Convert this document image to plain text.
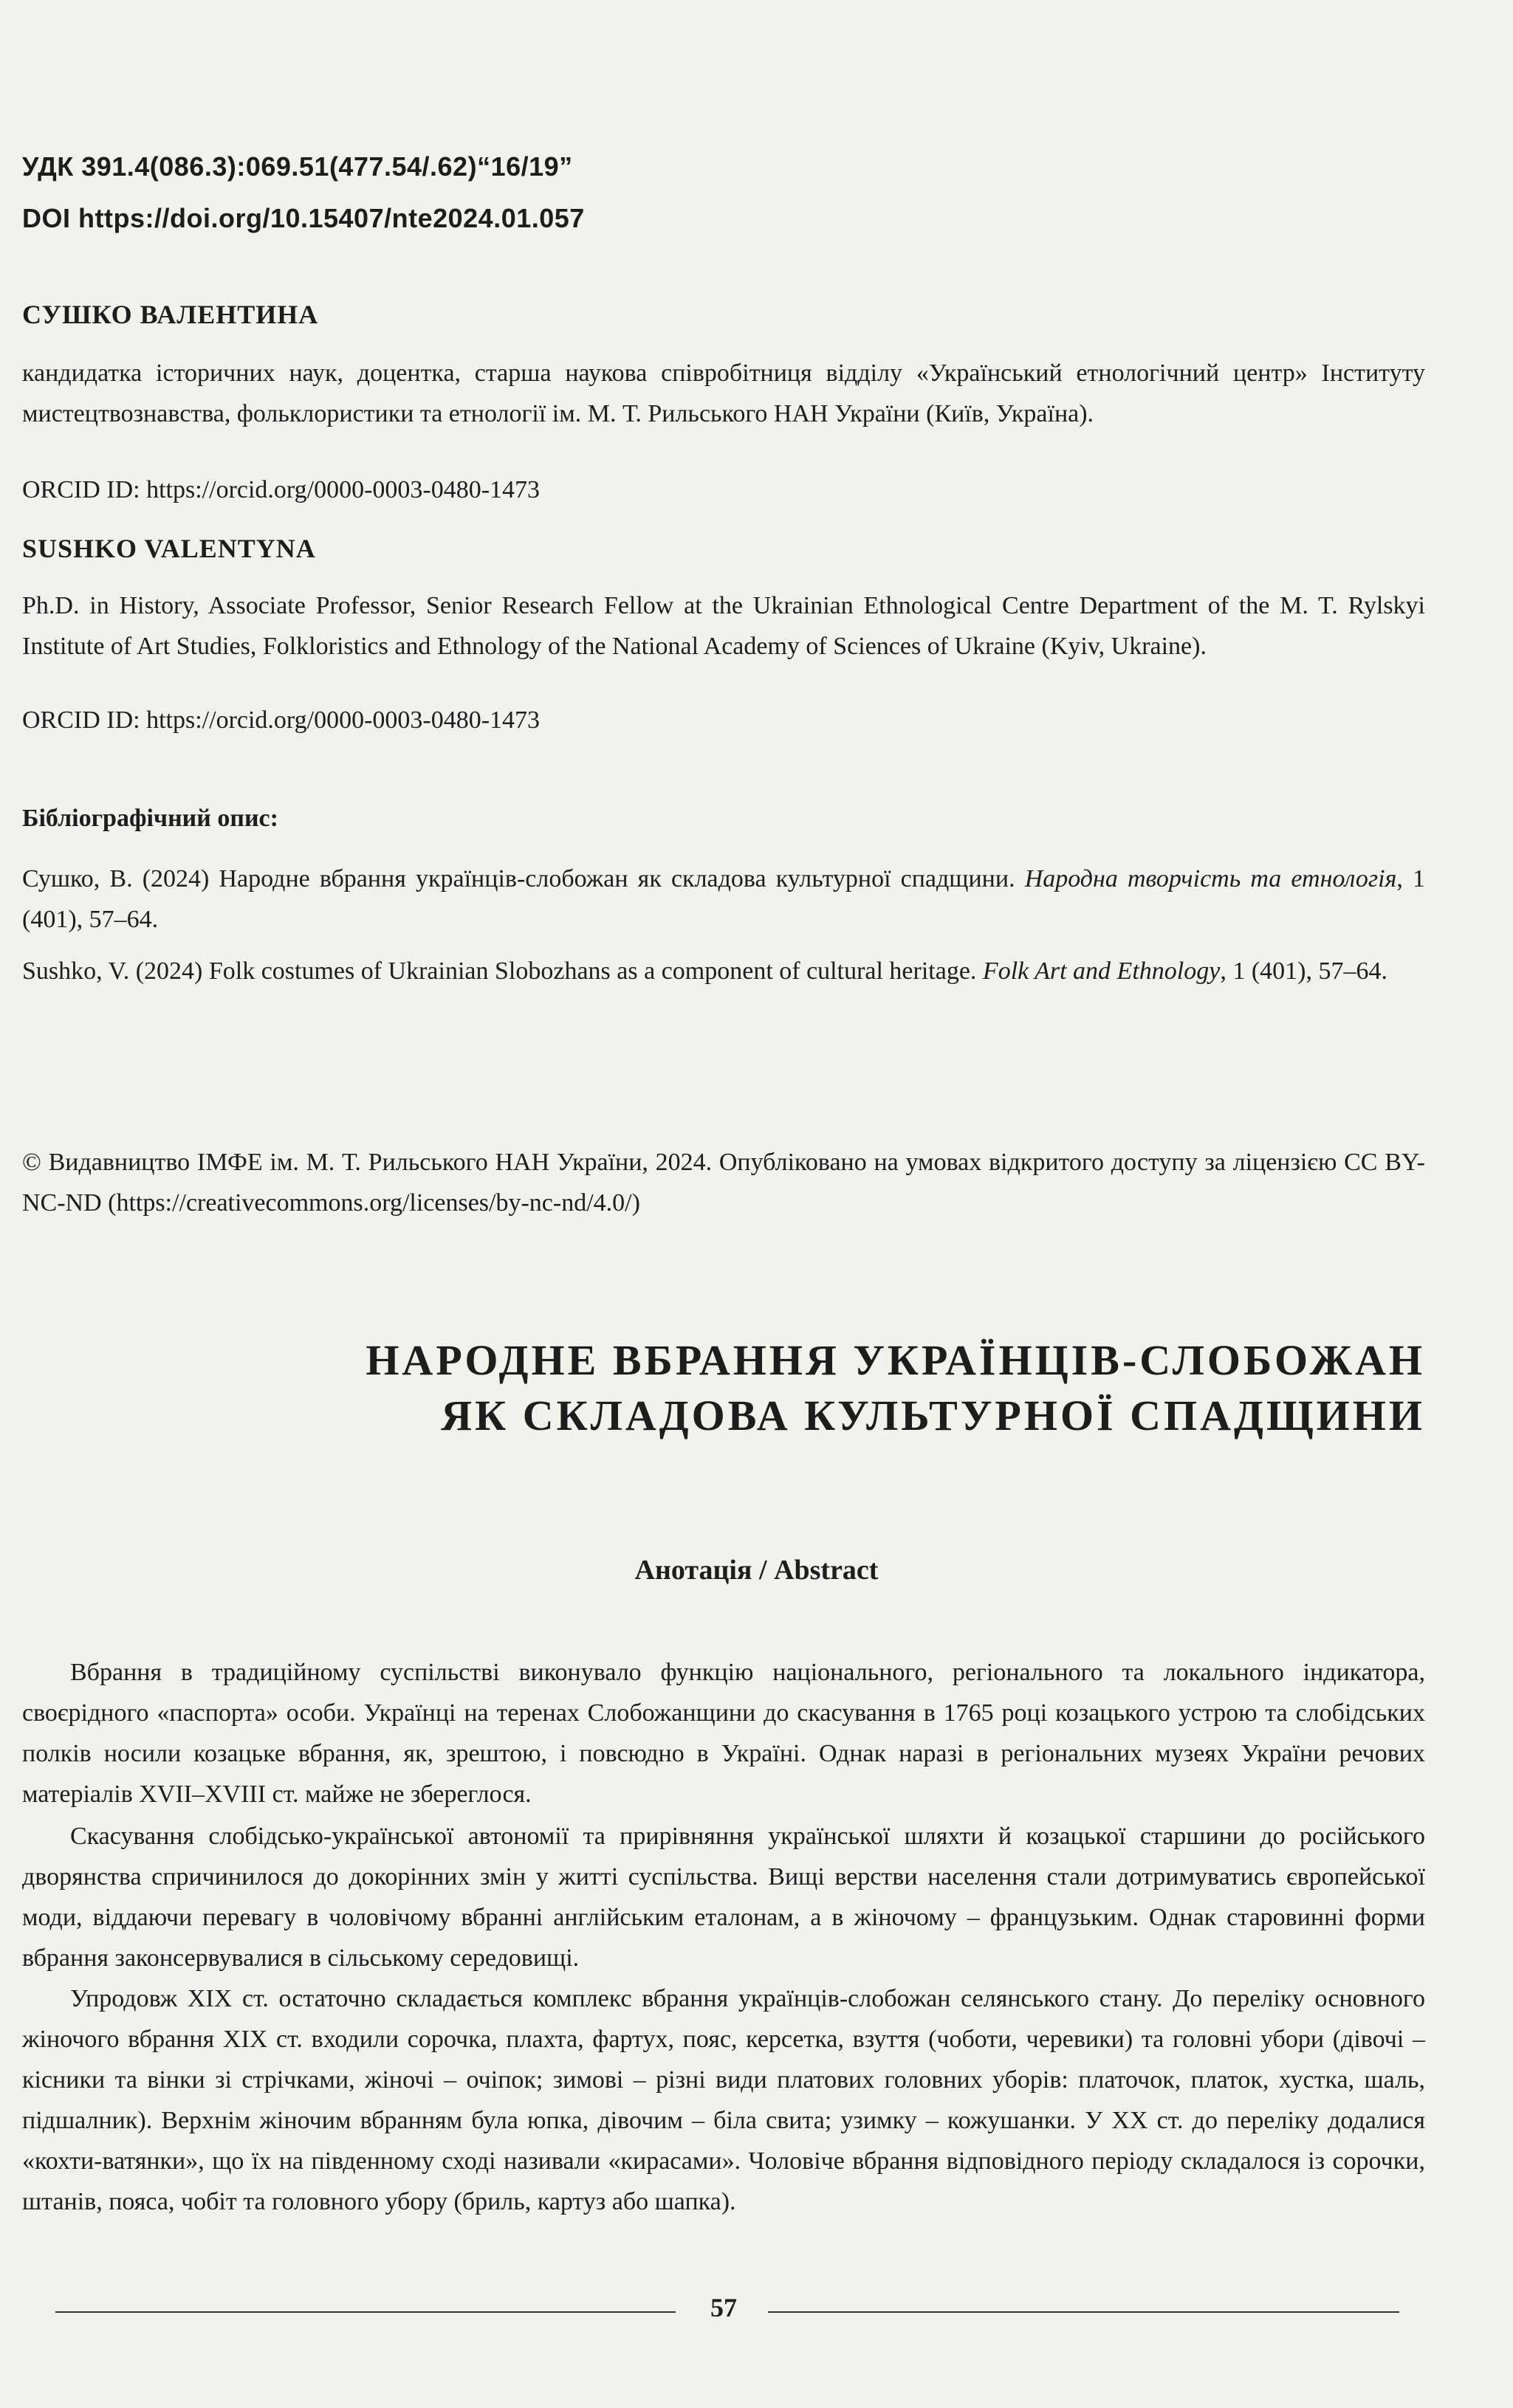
УДК 391.4(086.3):069.51(477.54/.62)“16/19”
DOI https://doi.org/10.15407/nte2024.01.057
СУШКО ВАЛЕНТИНА
кандидатка історичних наук, доцентка, старша наукова співробітниця відділу «Український етнологічний центр» Інституту мистецтвознавства, фольклористики та етнології ім. М. Т. Рильського НАН України (Київ, Україна).
ORCID ID: https://orcid.org/0000-0003-0480-1473
SUSHKO VALENTYNA
Ph.D. in History, Associate Professor, Senior Research Fellow at the Ukrainian Ethnological Centre Department of the M. T. Rylskyi Institute of Art Studies, Folkloristics and Ethnology of the National Academy of Sciences of Ukraine (Kyiv, Ukraine).
ORCID ID: https://orcid.org/0000-0003-0480-1473
Бібліографічний опис:
Сушко, В. (2024) Народне вбрання українців-слобожан як складова культурної спадщини. Народна творчість та етнологія, 1 (401), 57–64.
Sushko, V. (2024) Folk costumes of Ukrainian Slobozhans as a component of cultural heritage. Folk Art and Ethnology, 1 (401), 57–64.
© Видавництво ІМФЕ ім. М. Т. Рильського НАН України, 2024. Опубліковано на умовах відкритого доступу за ліцензією CC BY-NC-ND (https://creativecommons.org/licenses/by-nc-nd/4.0/)
НАРОДНЕ ВБРАННЯ УКРАЇНЦІВ-СЛОБОЖАН
ЯК СКЛАДОВА КУЛЬТУРНОЇ СПАДЩИНИ
Анотація / Abstract
Вбрання в традиційному суспільстві виконувало функцію національного, регіонального та локального індикатора, своєрідного «паспорта» особи. Українці на теренах Слобожанщини до скасування в 1765 році козацького устрою та слобідських полків носили козацьке вбрання, як, зрештою, і повсюдно в Україні. Однак наразі в регіональних музеях України речових матеріалів XVII–XVIII ст. майже не збереглося.
Скасування слобідсько-української автономії та прирівняння української шляхти й козацької старшини до російського дворянства спричинилося до докорінних змін у житті суспільства. Вищі верстви населення стали дотримуватись європейської моди, віддаючи перевагу в чоловічому вбранні англійським еталонам, а в жіночому – французьким. Однак старовинні форми вбрання законсервувалися в сільському середовищі.
Упродовж XIX ст. остаточно складається комплекс вбрання українців-слобожан селянського стану. До переліку основного жіночого вбрання XIX ст. входили сорочка, плахта, фартух, пояс, керсетка, взуття (чоботи, черевики) та головні убори (дівочі – кісники та вінки зі стрічками, жіночі – очіпок; зимові – різні види платових головних уборів: платочок, платок, хустка, шаль, підшалник). Верхнім жіночим вбранням була юпка, дівочим – біла свита; узимку – кожушанки. У XX ст. до переліку додалися «кохти-ватянки», що їх на південному сході називали «кирасами». Чоловіче вбрання відповідного періоду складалося із сорочки, штанів, пояса, чобіт та головного убору (бриль, картуз або шапка).
57
